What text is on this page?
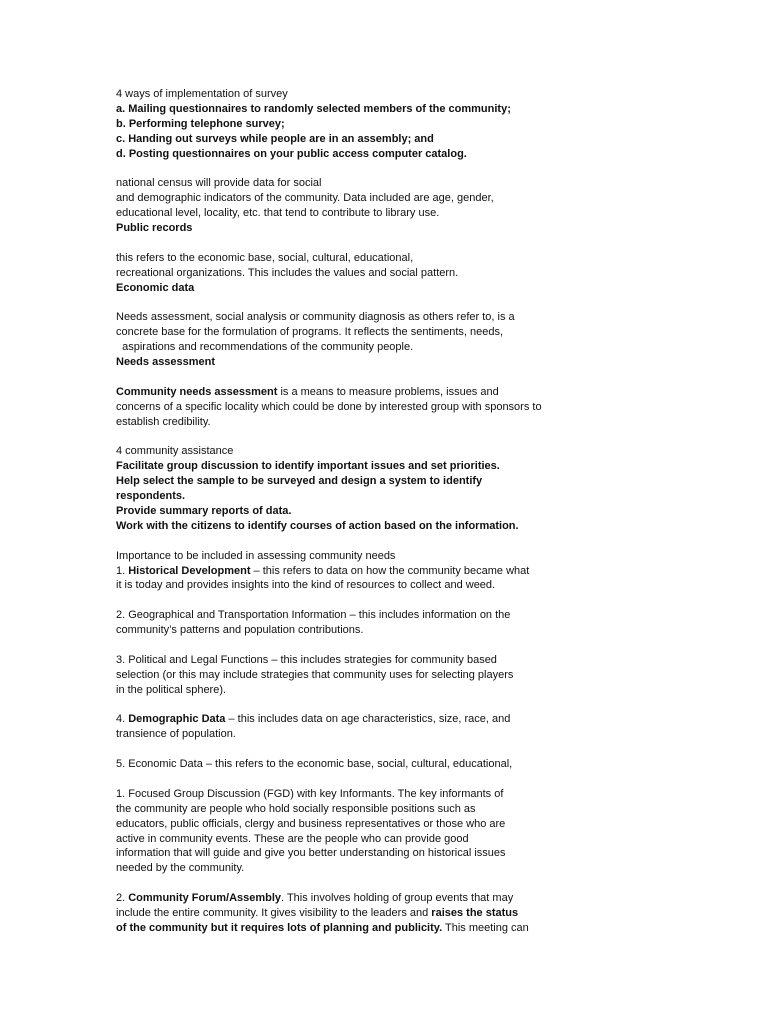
4 ways of implementation of survey
a. Mailing questionnaires to randomly selected members of the community;
b. Performing telephone survey;
c. Handing out surveys while people are in an assembly; and
d. Posting questionnaires on your public access computer catalog.
national census will provide data for social
and demographic indicators of the community. Data included are age, gender,
educational level, locality, etc. that tend to contribute to library use.
Public records
this refers to the economic base, social, cultural, educational,
recreational organizations. This includes the values and social pattern.
Economic data
Needs assessment, social analysis or community diagnosis as others refer to, is a
concrete base for the formulation of programs. It reflects the sentiments, needs,
aspirations and recommendations of the community people.
Needs assessment
Community needs assessment is a means to measure problems, issues and
concerns of a specific locality which could be done by interested group with sponsors to
establish credibility.
4 community assistance
Facilitate group discussion to identify important issues and set priorities.
Help select the sample to be surveyed and design a system to identify
respondents.
Provide summary reports of data.
Work with the citizens to identify courses of action based on the information.
Importance to be included in assessing community needs
1. Historical Development – this refers to data on how the community became what
it is today and provides insights into the kind of resources to collect and weed.
2. Geographical and Transportation Information – this includes information on the
community’s patterns and population contributions.
3. Political and Legal Functions – this includes strategies for community based
selection (or this may include strategies that community uses for selecting players
in the political sphere).
4. Demographic Data – this includes data on age characteristics, size, race, and
transience of population.
5. Economic Data – this refers to the economic base, social, cultural, educational,
1. Focused Group Discussion (FGD) with key Informants. The key informants of
the community are people who hold socially responsible positions such as
educators, public officials, clergy and business representatives or those who are
active in community events. These are the people who can provide good
information that will guide and give you better understanding on historical issues
needed by the community.
2. Community Forum/Assembly. This involves holding of group events that may
include the entire community. It gives visibility to the leaders and raises the status
of the community but it requires lots of planning and publicity. This meeting can
